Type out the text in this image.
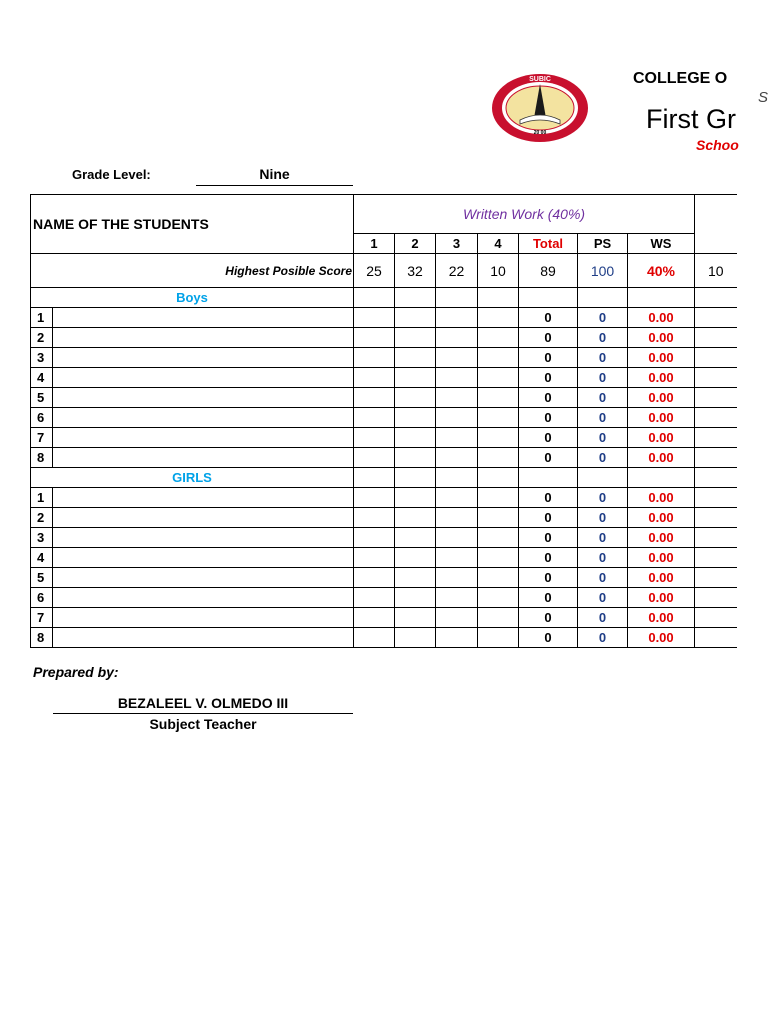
SUBIC
20 00
COLLEGE O
S
First Gr
Schoo
Grade Level:	Nine
NAME OF THE STUDENTS		Written Work (40%)							
		1	2	3	4	Total	PS	WS	
Highest Posible Score		25	32	22	10	89	100	40%	10
Boys									
1						0	0	0.00	
2						0	0	0.00	
3						0	0	0.00	
4						0	0	0.00	
5						0	0	0.00	
6						0	0	0.00	
7						0	0	0.00	
8						0	0	0.00	
GIRLS									
1						0	0	0.00	
2						0	0	0.00	
3						0	0	0.00	
4						0	0	0.00	
5						0	0	0.00	
6						0	0	0.00	
7						0	0	0.00	
8						0	0	0.00	
Prepared by:
BEZALEEL V. OLMEDO III
Subject Teacher
